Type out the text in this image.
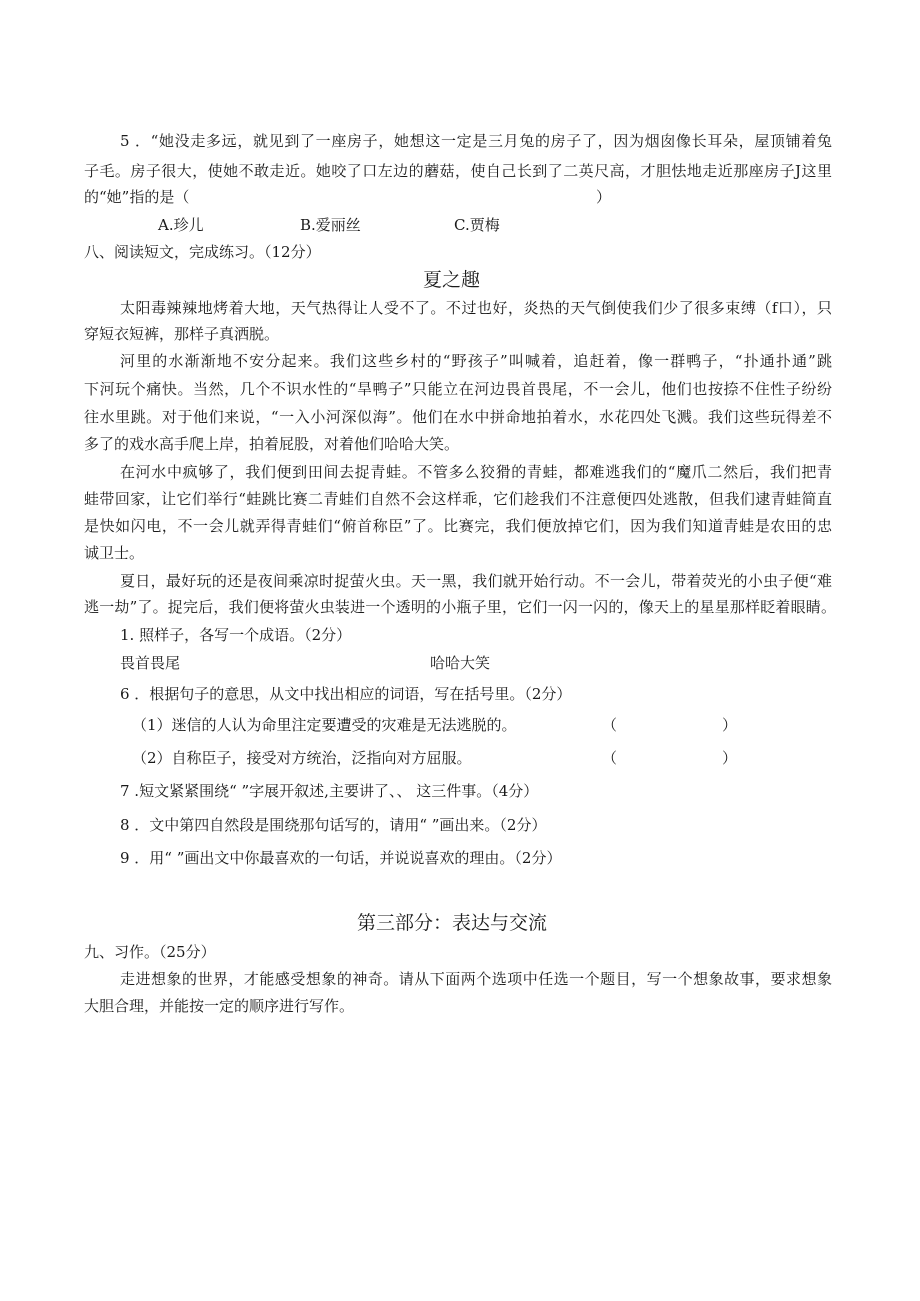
5 ．“她没走多远，就见到了一座房子，她想这一定是三月兔的房子了，因为烟囱像长耳朵，屋顶铺着兔
子毛。房子很大，使她不敢走近。她咬了口左边的蘑菇，使自己长到了二英尺高，才胆怯地走近那座房子J这里
的“她”指的是（	）
A.珍儿	B.爱丽丝	C.贾梅
八、阅读短文，完成练习。（12分）
夏之趣
太阳毒辣辣地烤着大地，天气热得让人受不了。不过也好，炎热的天气倒使我们少了很多束缚（f口），只
穿短衣短裤，那样子真洒脱。
河里的水渐渐地不安分起来。我们这些乡村的“野孩子”叫喊着，追赶着，像一群鸭子，“扑通扑通”跳
下河玩个痛快。当然，几个不识水性的“旱鸭子”只能立在河边畏首畏尾，不一会儿，他们也按捺不住性子纷纷
往水里跳。对于他们来说，“一入小河深似海”。他们在水中拼命地拍着水，水花四处飞溅。我们这些玩得差不
多了的戏水高手爬上岸，拍着屁股，对着他们哈哈大笑。
在河水中疯够了，我们便到田间去捉青蛙。不管多么狡猾的青蛙，都难逃我们的“魔爪二然后，我们把青
蛙带回家，让它们举行“蛙跳比赛二青蛙们自然不会这样乖，它们趁我们不注意便四处逃散，但我们逮青蛙简直
是快如闪电，不一会儿就弄得青蛙们“俯首称臣”了。比赛完，我们便放掉它们，因为我们知道青蛙是农田的忠
诚卫士。
夏日，最好玩的还是夜间乘凉时捉萤火虫。天一黑，我们就开始行动。不一会儿，带着荧光的小虫子便“难
逃一劫”了。捉完后，我们便将萤火虫装进一个透明的小瓶子里，它们一闪一闪的，像天上的星星那样眨着眼睛。
1. 照样子，各写一个成语。（2分）
畏首畏尾	哈哈大笑
6 ．根据句子的意思，从文中找出相应的词语，写在括号里。（2分）
（1）迷信的人认为命里注定要遭受的灾难是无法逃脱的。	（	）
（2）自称臣子，接受对方统治，泛指向对方屈服。	（	）
7 .短文紧紧围绕“ ”字展开叙述,主要讲了、、 这三件事。（4分）
8 ．文中第四自然段是围绕那句话写的，请用“ ”画出来。（2分）
9 ．用“ ”画出文中你最喜欢的一句话，并说说喜欢的理由。（2分）
第三部分：表达与交流
九、习作。（25分）
走进想象的世界，才能感受想象的神奇。请从下面两个选项中任选一个题目，写一个想象故事，要求想象
大胆合理，并能按一定的顺序进行写作。
